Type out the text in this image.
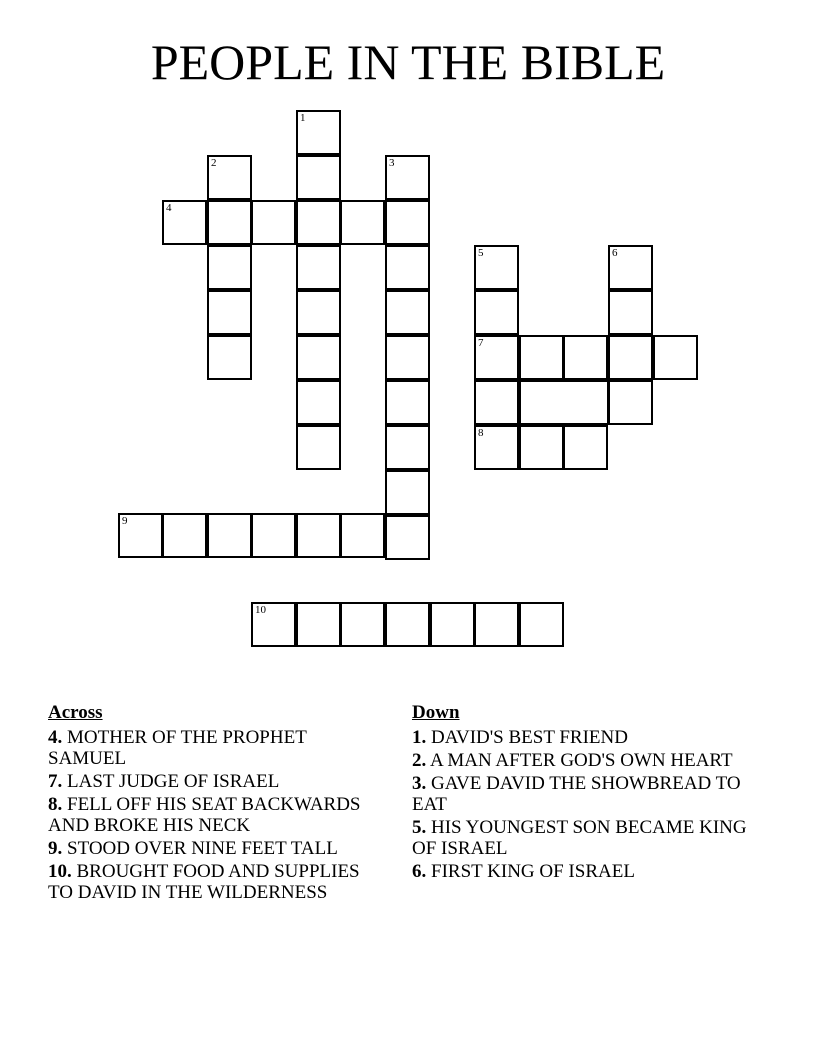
PEOPLE IN THE BIBLE
1
2	3
4
5
7
8
6
9
10
Across
4. MOTHER OF THE PROPHET SAMUEL
7. LAST JUDGE OF ISRAEL
8. FELL OFF HIS SEAT BACKWARDS AND BROKE HIS NECK
9. STOOD OVER NINE FEET TALL
10. BROUGHT FOOD AND SUPPLIES TO DAVID IN THE WILDERNESS
Down
1. DAVID'S BEST FRIEND
2. A MAN AFTER GOD'S OWN HEART
3. GAVE DAVID THE SHOWBREAD TO EAT
5. HIS YOUNGEST SON BECAME KING OF ISRAEL
6. FIRST KING OF ISRAEL
